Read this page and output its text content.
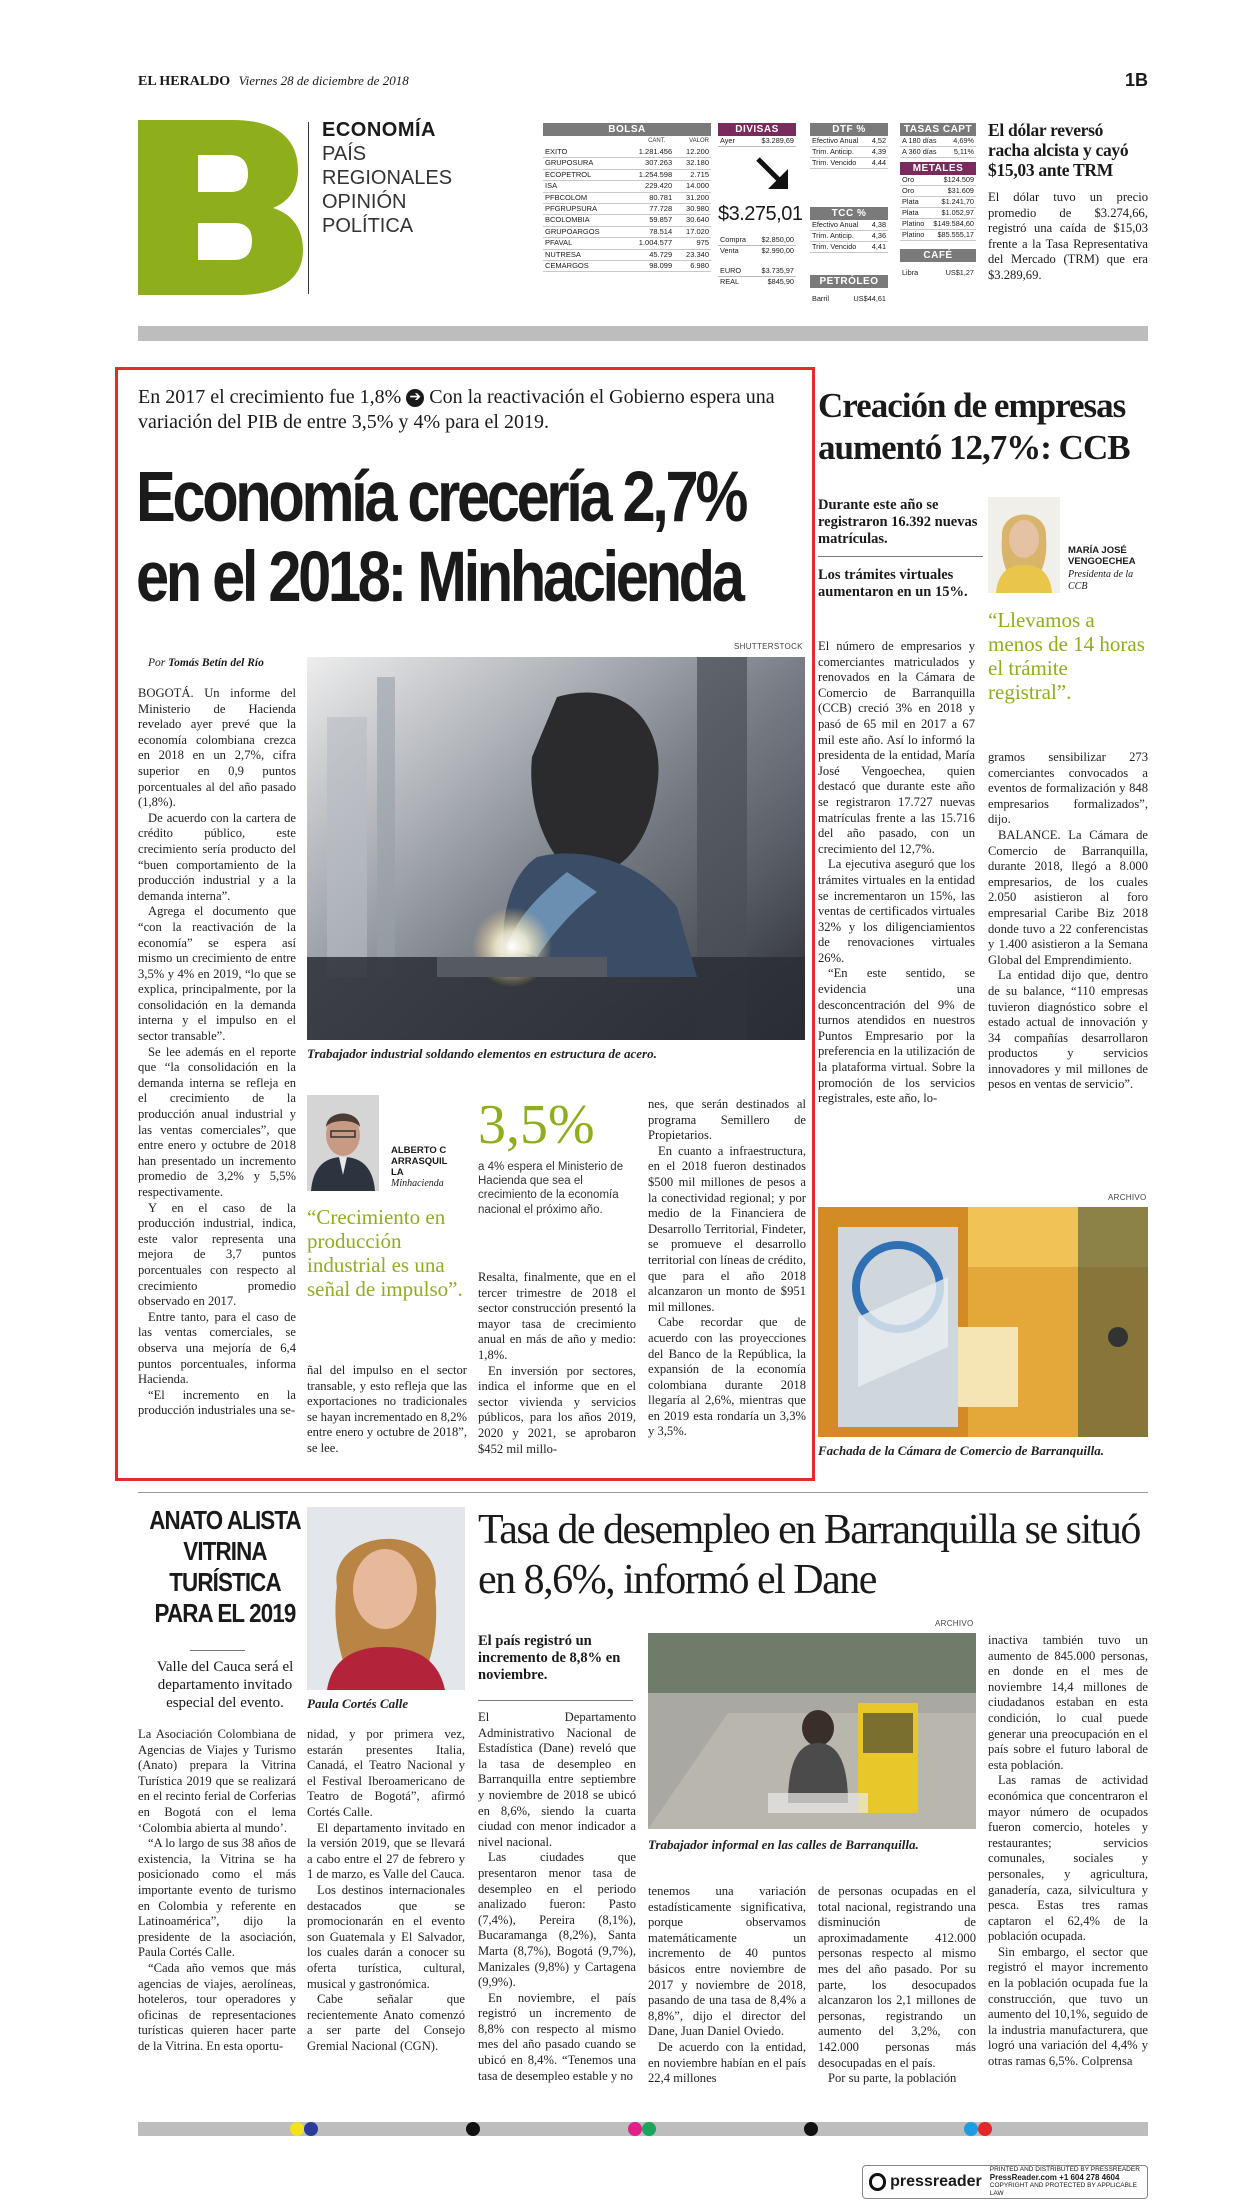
EL HERALDO Viernes 28 de diciembre de 2018	1B
ECONOMÍA
PAÍS
REGIONALES
OPINIÓN
POLÍTICA
BOLSA
CANT.	VALOR
EXITO	1.281.456	12.200
GRUPOSURA	307.263	32.180
ECOPETROL	1.254.598	2.715
ISA	229.420	14.000
PFBCOLOM	80.781	31.200
PFGRUPSURA	77.728	30.980
BCOLOMBIA	59.857	30.640
GRUPOARGOS	78.514	17.020
PFAVAL	1.004.577	975
NUTRESA	45.729	23.340
CEMARGOS	98.099	6.980
DIVISAS
Ayer	$3.289,69
$3.275,01
Compra $2.850,00
Venta	$2.990,00
EURO	$3.735,97
REAL	$845,90
DTF %
Efectivo Anual 4,52
Trim. Anticip. 4,39
Trim. Vencido 4,44
TCC %
Efectivo Anual 4,38
Trim. Anticip. 4,36
Trim. Vencido 4,41
PETRÓLEO
Barril	US$44,61
TASAS CAPT
A 180 días 4,69%
A 360 días 5,11%
METALES
Oro	$124.509
Oro	$31.609
Plata	$1.241,70
Plata	$1.052,97
Platino $149.584,60
Platino $85.555,17
CAFÉ
Libra	US$1,27
El dólar reversó racha alcista y cayó $15,03 ante TRM
El dólar tuvo un precio promedio de $3.274,66, registró una caída de $15,03 frente a la Tasa Representativa del Mercado (TRM) que era $3.289,69.
En 2017 el crecimiento fue 1,8% ➔ Con la reactivación el Gobierno espera una variación del PIB de entre 3,5% y 4% para el 2019.
Economía crecería 2,7% en el 2018: Minhacienda
SHUTTERSTOCK
Por Tomás Betín del Río
Trabajador industrial soldando elementos en estructura de acero.

BOGOTÁ. Un informe del Ministerio de Hacienda revelado ayer prevé que la economía colombiana crezca en 2018 en un 2,7%, cifra superior en 0,9 puntos porcentuales al del año pasado (1,8%).

De acuerdo con la cartera de crédito público, este crecimiento sería producto del “buen comportamiento de la producción industrial y a la demanda interna”.

Agrega el documento que “con la reactivación de la economía” se espera así mismo un crecimiento de entre 3,5% y 4% en 2019, “lo que se explica, principalmente, por la consolidación en la demanda interna y el impulso en el sector transable”.

Se lee además en el reporte que “la consolidación en la demanda interna se refleja en el crecimiento de la producción anual industrial y las ventas comerciales”, que entre enero y octubre de 2018 han presentado un incremento promedio de 3,2% y 5,5% respectivamente.

Y en el caso de la producción industrial, indica, este valor representa una mejora de 3,7 puntos porcentuales con respecto al crecimiento promedio observado en 2017.

Entre tanto, para el caso de las ventas comerciales, se observa una mejoría de 6,4 puntos porcentuales, informa Hacienda.

“El incremento en la producción industriales una se-

ALBERTO CARRASQUILLA
Minhacienda
“Crecimiento en producción industrial es una señal de impulso”.
3,5%
a 4% espera el Ministerio de Hacienda que sea el crecimiento de la economía nacional el próximo año.

ñal del impulso en el sector transable, y esto refleja que las exportaciones no tradicionales se hayan incrementado en 8,2% entre enero y octubre de 2018”, se lee.

Resalta, finalmente, que en el tercer trimestre de 2018 el sector construcción presentó la mayor tasa de crecimiento anual en más de año y medio: 1,8%.

En inversión por sectores, indica el informe que en el sector vivienda y servicios públicos, para los años 2019, 2020 y 2021, se aprobaron $452 mil millo-

nes, que serán destinados al programa Semillero de Propietarios.

En cuanto a infraestructura, en el 2018 fueron destinados $500 mil millones de pesos a la conectividad regional; y por medio de la Financiera de Desarrollo Territorial, Findeter, se promueve el desarrollo territorial con líneas de crédito, que para el año 2018 alcanzaron un monto de $951 mil millones.

Cabe recordar que de acuerdo con las proyecciones del Banco de la República, la expansión de la economía colombiana durante 2018 llegaría al 2,6%, mientras que en 2019 esta rondaría un 3,3% y 3,5%.

Creación de empresas aumentó 12,7%: CCB
Durante este año se registraron 16.392 nuevas matrículas.
Los trámites virtuales aumentaron en un 15%.
MARÍA JOSÉ VENGOECHEA
Presidenta de la CCB
“Llevamos a menos de 14 horas el trámite registral”.

El número de empresarios y comerciantes matriculados y renovados en la Cámara de Comercio de Barranquilla (CCB) creció 3% en 2018 y pasó de 65 mil en 2017 a 67 mil este año. Así lo informó la presidenta de la entidad, María José Vengoechea, quien destacó que durante este año se registraron 17.727 nuevas matrículas frente a las 15.716 del año pasado, con un crecimiento del 12,7%.

La ejecutiva aseguró que los trámites virtuales en la entidad se incrementaron un 15%, las ventas de certificados virtuales 32% y los diligenciamientos de renovaciones virtuales 26%.

“En este sentido, se evidencia una desconcentración del 9% de turnos atendidos en nuestros Puntos Empresario por la preferencia en la utilización de la plataforma virtual. Sobre la promoción de los servicios registrales, este año, lo-

gramos sensibilizar 273 comerciantes convocados a eventos de formalización y 848 empresarios formalizados”, dijo.

BALANCE. La Cámara de Comercio de Barranquilla, durante 2018, llegó a 8.000 empresarios, de los cuales 2.050 asistieron al foro empresarial Caribe Biz 2018 donde tuvo a 22 conferencistas y 1.400 asistieron a la Semana Global del Emprendimiento.

La entidad dijo que, dentro de su balance, “110 empresas tuvieron diagnóstico sobre el estado actual de innovación y 34 compañías desarrollaron productos y servicios innovadores y mil millones de pesos en ventas de servicio”.

ARCHIVO
Fachada de la Cámara de Comercio de Barranquilla.
ANATO ALISTA VITRINA TURÍSTICA PARA EL 2019
Valle del Cauca será el departamento invitado especial del evento.	Paula Cortés Calle

La Asociación Colombiana de Agencias de Viajes y Turismo (Anato) prepara la Vitrina Turística 2019 que se realizará en el recinto ferial de Corferias en Bogotá con el lema ‘Colombia abierta al mundo’.

“A lo largo de sus 38 años de existencia, la Vitrina se ha posicionado como el más importante evento de turismo en Colombia y referente en Latinoamérica”, dijo la presidente de la asociación, Paula Cortés Calle.

“Cada año vemos que más agencias de viajes, aerolíneas, hoteleros, tour operadores y oficinas de representaciones turísticas quieren hacer parte de la Vitrina. En esta oportu-

nidad, y por primera vez, estarán presentes Italia, Canadá, el Teatro Nacional y el Festival Iberoamericano de Teatro de Bogotá”, afirmó Cortés Calle.

El departamento invitado en la versión 2019, que se llevará a cabo entre el 27 de febrero y 1 de marzo, es Valle del Cauca.

Los destinos internacionales destacados que se promocionarán en el evento son Guatemala y El Salvador, los cuales darán a conocer su oferta turística, cultural, musical y gastronómica.

Cabe señalar que recientemente Anato comenzó a ser parte del Consejo Gremial Nacional (CGN).

Tasa de desempleo en Barranquilla se situó en 8,6%, informó el Dane
El país registró un incremento de 8,8% en noviembre.
ARCHIVO
Trabajador informal en las calles de Barranquilla.

El Departamento Administrativo Nacional de Estadística (Dane) reveló que la tasa de desempleo en Barranquilla entre septiembre y noviembre de 2018 se ubicó en 8,6%, siendo la cuarta ciudad con menor indicador a nivel nacional.

Las ciudades que presentaron menor tasa de desempleo en el periodo analizado fueron: Pasto (7,4%), Pereira (8,1%), Bucaramanga (8,2%), Santa Marta (8,7%), Bogotá (9,7%), Manizales (9,8%) y Cartagena (9,9%).

En noviembre, el país registró un incremento de 8,8% con respecto al mismo mes del año pasado cuando se ubicó en 8,4%. “Tenemos una tasa de desempleo estable y no

tenemos una variación estadísticamente significativa, porque observamos matemáticamente un incremento de 40 puntos básicos entre noviembre de 2017 y noviembre de 2018, pasando de una tasa de 8,4% a 8,8%”, dijo el director del Dane, Juan Daniel Oviedo.

De acuerdo con la entidad, en noviembre habían en el país 22,4 millones

de personas ocupadas en el total nacional, registrando una disminución de aproximadamente 412.000 personas respecto al mismo mes del año pasado. Por su parte, los desocupados alcanzaron los 2,1 millones de personas, registrando un aumento del 3,2%, con 142.000 personas más desocupadas en el país.

Por su parte, la población

inactiva también tuvo un aumento de 845.000 personas, en donde en el mes de noviembre 14,4 millones de ciudadanos estaban en esta condición, lo cual puede generar una preocupación en el país sobre el futuro laboral de esta población.

Las ramas de actividad económica que concentraron el mayor número de ocupados fueron comercio, hoteles y restaurantes; servicios comunales, sociales y personales, y agricultura, ganadería, caza, silvicultura y pesca. Estas tres ramas captaron el 62,4% de la población ocupada.

Sin embargo, el sector que registró el mayor incremento en la población ocupada fue la construcción, que tuvo un aumento del 10,1%, seguido de la industria manufacturera, que logró una variación del 4,4% y otras ramas 6,5%. Colprensa

pressreader
PRINTED AND DISTRIBUTED BY PRESSREADER
PressReader.com +1 604 278 4604
COPYRIGHT AND PROTECTED BY APPLICABLE LAW
